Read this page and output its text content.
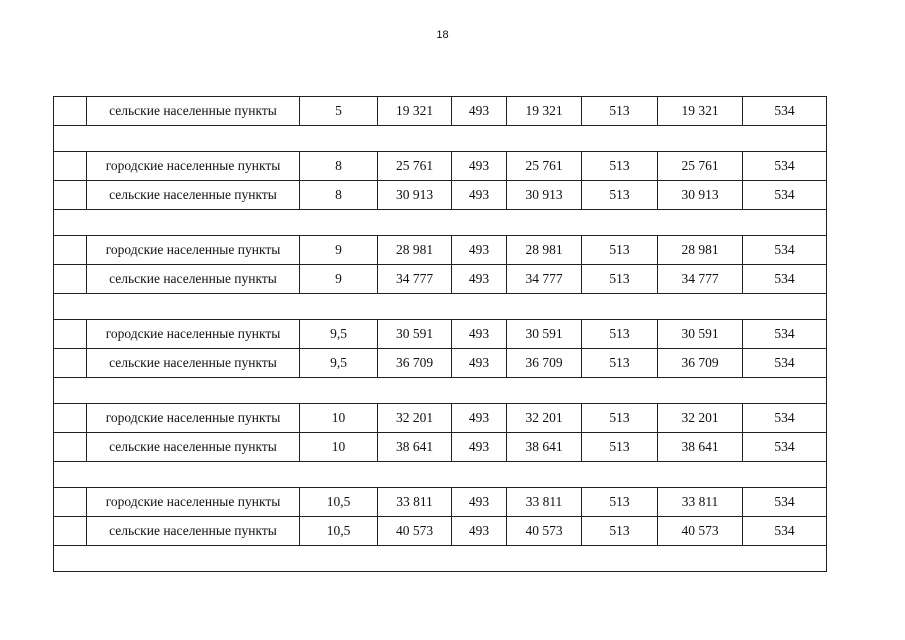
18
	сельские населенные пункты	5	19 321	493	19 321	513	19 321	534

	городские населенные пункты	8	25 761	493	25 761	513	25 761	534
	сельские населенные пункты	8	30 913	493	30 913	513	30 913	534

	городские населенные пункты	9	28 981	493	28 981	513	28 981	534
	сельские населенные пункты	9	34 777	493	34 777	513	34 777	534

	городские населенные пункты	9,5	30 591	493	30 591	513	30 591	534
	сельские населенные пункты	9,5	36 709	493	36 709	513	36 709	534

	городские населенные пункты	10	32 201	493	32 201	513	32 201	534
	сельские населенные пункты	10	38 641	493	38 641	513	38 641	534

	городские населенные пункты	10,5	33 811	493	33 811	513	33 811	534
	сельские населенные пункты	10,5	40 573	493	40 573	513	40 573	534
